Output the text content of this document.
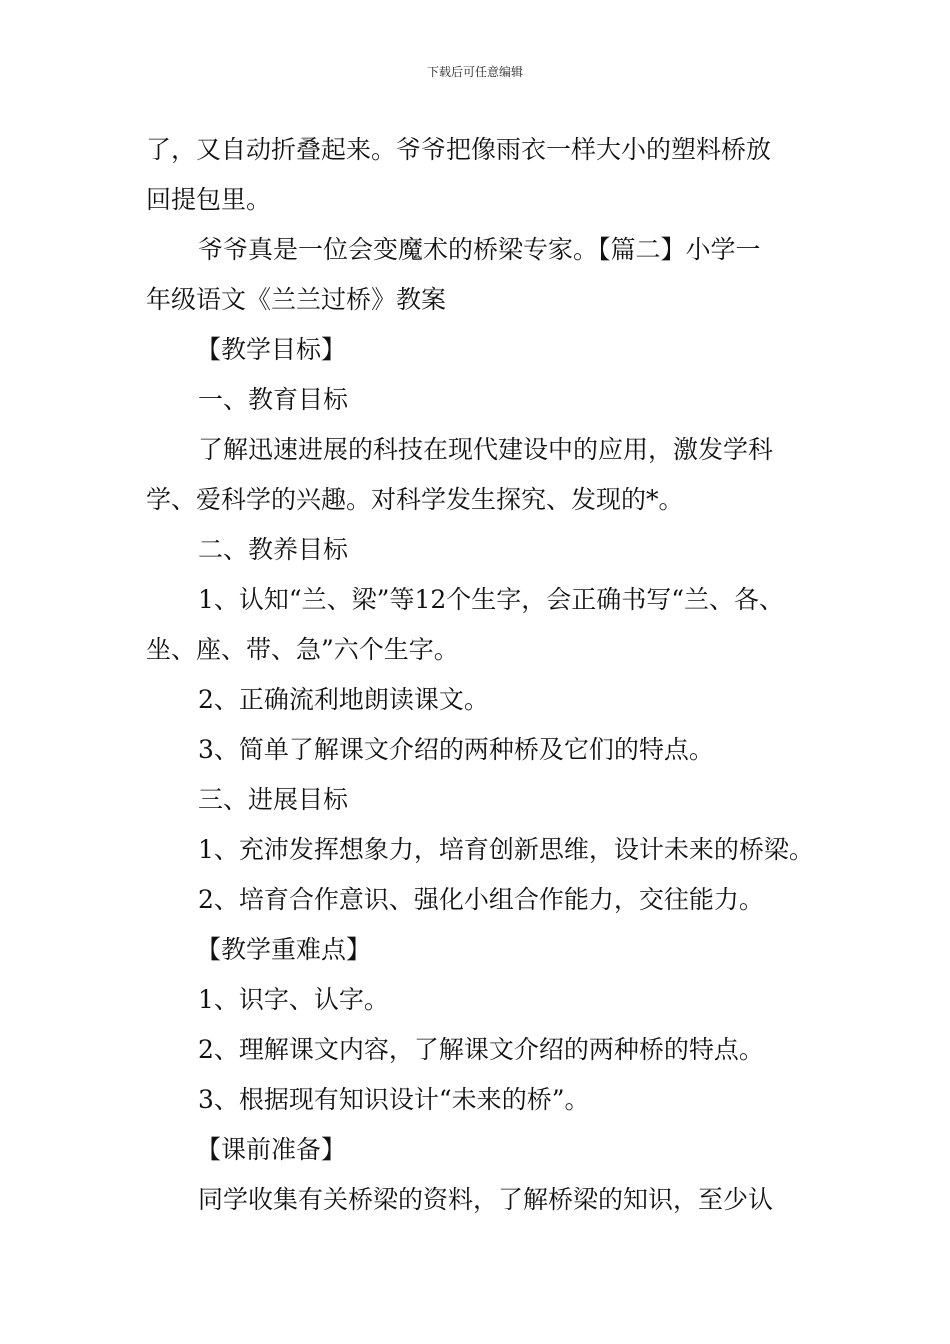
下载后可任意编辑
了，又自动折叠起来。爷爷把像雨衣一样大小的塑料桥放
回提包里。
爷爷真是一位会变魔术的桥梁专家。【篇二】小学一
年级语文《兰兰过桥》教案
【教学目标】
一、教育目标
了解迅速进展的科技在现代建设中的应用，激发学科
学、爱科学的兴趣。对科学发生探究、发现的*。
二、教养目标
1、认知“兰、梁”等12个生字，会正确书写“兰、各、
坐、座、带、急”六个生字。
2、正确流利地朗读课文。
3、简单了解课文介绍的两种桥及它们的特点。
三、进展目标
1、充沛发挥想象力，培育创新思维，设计未来的桥梁。
2、培育合作意识、强化小组合作能力，交往能力。
【教学重难点】
1、识字、认字。
2、理解课文内容，了解课文介绍的两种桥的特点。
3、根据现有知识设计“未来的桥”。
【课前准备】
同学收集有关桥梁的资料，了解桥梁的知识，至少认
